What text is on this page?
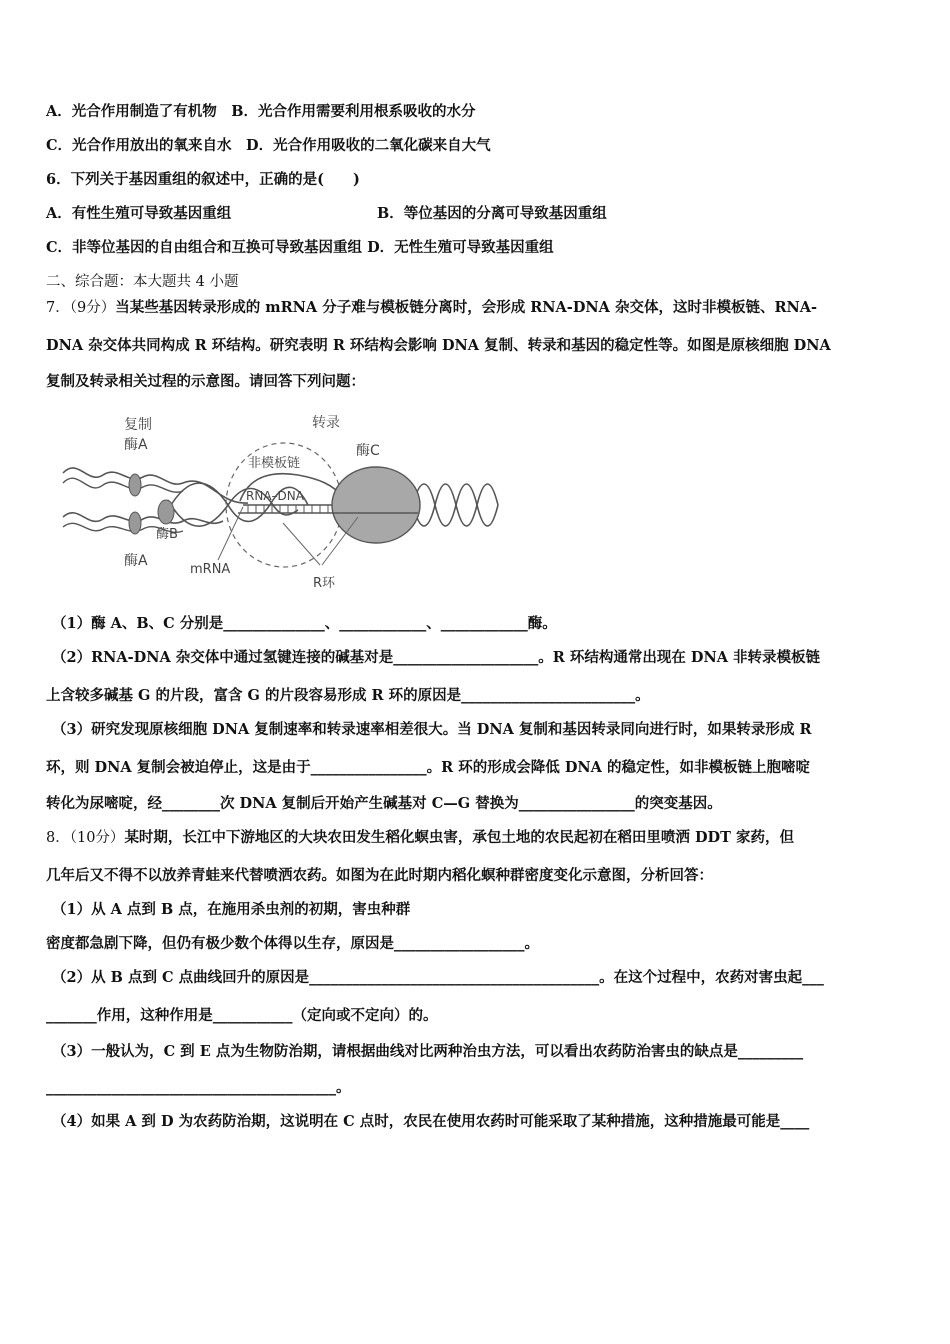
A．光合作用制造了有机物　B．光合作用需要利用根系吸收的水分
C．光合作用放出的氧来自水　D．光合作用吸收的二氧化碳来自大气
6．下列关于基因重组的叙述中，正确的是(　　)
A．有性生殖可导致基因重组	B．等位基因的分离可导致基因重组
C．非等位基因的自由组合和互换可导致基因重组 D．无性生殖可导致基因重组
二、综合题：本大题共 4 小题
7．（9分）当某些基因转录形成的 mRNA 分子难与模板链分离时，会形成 RNA-DNA 杂交体，这时非模板链、RNA-
DNA 杂交体共同构成 R 环结构。研究表明 R 环结构会影响 DNA 复制、转录和基因的稳定性等。如图是原核细胞 DNA
复制及转录相关过程的示意图。请回答下列问题：
复制
酶A
转录
非模板链
酶C
RNA–DNA
酶B
酶A
mRNA
R环
（1）酶 A、B、C 分别是______________、____________、____________酶。
（2）RNA-DNA 杂交体中通过氢键连接的碱基对是____________________。R 环结构通常出现在 DNA 非转录模板链
上含较多碱基 G 的片段，富含 G 的片段容易形成 R 环的原因是________________________。
（3）研究发现原核细胞 DNA 复制速率和转录速率相差很大。当 DNA 复制和基因转录同向进行时，如果转录形成 R
环，则 DNA 复制会被迫停止，这是由于________________。R 环的形成会降低 DNA 的稳定性，如非模板链上胞嘧啶
转化为尿嘧啶，经________次 DNA 复制后开始产生碱基对 C—G 替换为________________的突变基因。
8．（10分）某时期，长江中下游地区的大块农田发生稻化螟虫害，承包土地的农民起初在稻田里喷洒 DDT 家药，但
几年后又不得不以放养青蛙来代替喷洒农药。如图为在此时期内稻化螟种群密度变化示意图，分析回答：
（1）从 A 点到 B 点，在施用杀虫剂的初期，害虫种群
密度都急剧下降，但仍有极少数个体得以生存，原因是__________________。
（2）从 B 点到 C 点曲线回升的原因是________________________________________。在这个过程中，农药对害虫起___
_______作用，这种作用是___________（定向或不定向）的。
（3）一般认为，C 到 E 点为生物防治期，请根据曲线对比两种治虫方法，可以看出农药防治害虫的缺点是_________
________________________________________。
（4）如果 A 到 D 为农药防治期，这说明在 C 点时，农民在使用农药时可能采取了某种措施，这种措施最可能是____
